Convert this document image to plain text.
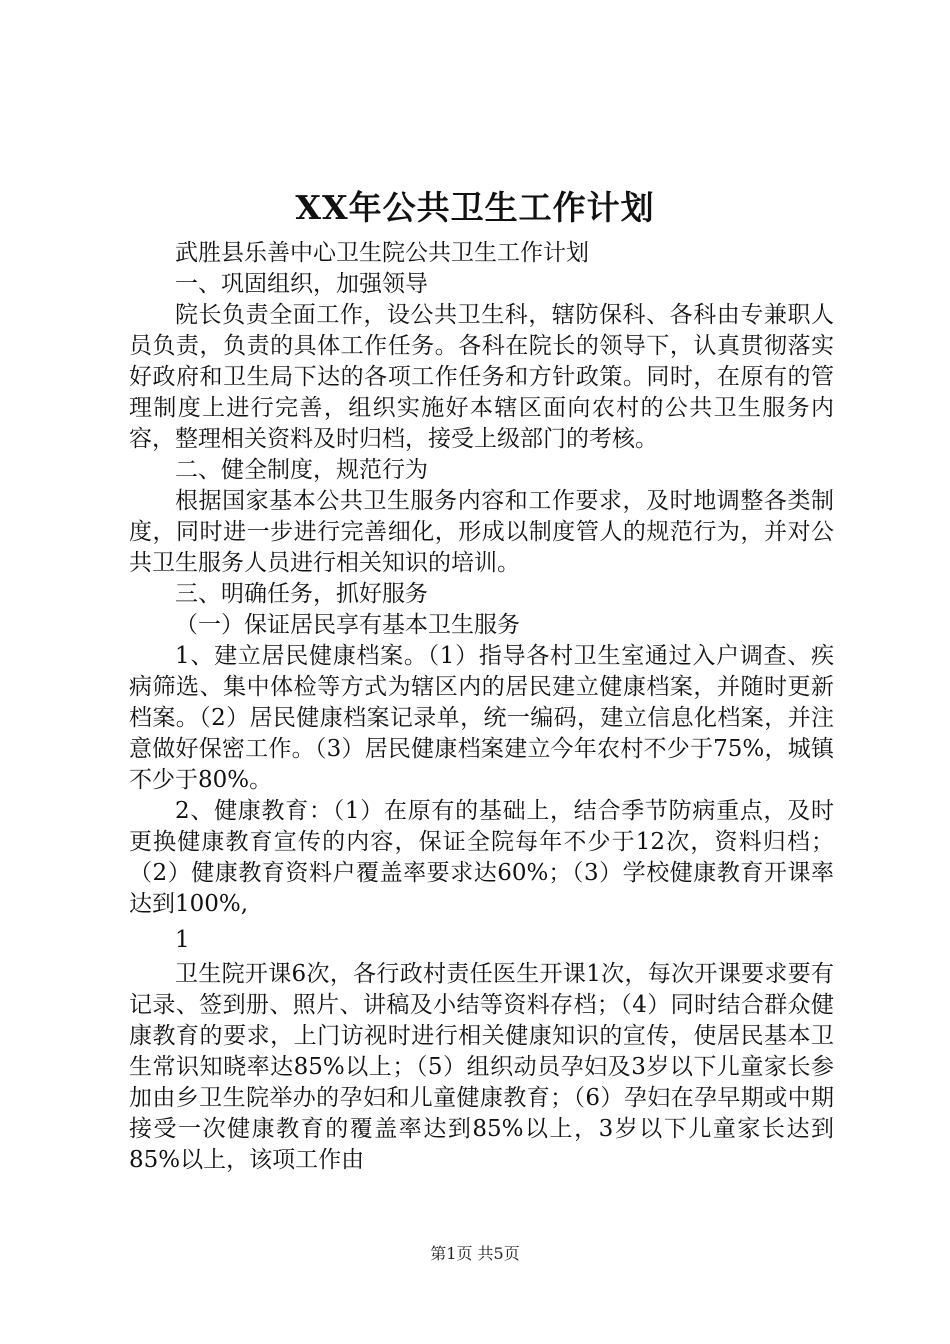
XX年公共卫生工作计划

武胜县乐善中心卫生院公共卫生工作计划

一、巩固组织，加强领导

院长负责全面工作，设公共卫生科，辖防保科、各科由专兼职人员负责，负责的具体工作任务。各科在院长的领导下，认真贯彻落实好政府和卫生局下达的各项工作任务和方针政策。同时，在原有的管理制度上进行完善，组织实施好本辖区面向农村的公共卫生服务内容，整理相关资料及时归档，接受上级部门的考核。

二、健全制度，规范行为

根据国家基本公共卫生服务内容和工作要求，及时地调整各类制度，同时进一步进行完善细化，形成以制度管人的规范行为，并对公共卫生服务人员进行相关知识的培训。

三、明确任务，抓好服务

（一）保证居民享有基本卫生服务

1、建立居民健康档案。（1）指导各村卫生室通过入户调查、疾病筛选、集中体检等方式为辖区内的居民建立健康档案，并随时更新档案。（2）居民健康档案记录单，统一编码，建立信息化档案，并注意做好保密工作。（3）居民健康档案建立今年农村不少于75%，城镇不少于80%。

2、健康教育：（1）在原有的基础上，结合季节防病重点，及时更换健康教育宣传的内容，保证全院每年不少于12次，资料归档；（2）健康教育资料户覆盖率要求达60%；（3）学校健康教育开课率达到100%,

1

卫生院开课6次，各行政村责任医生开课1次，每次开课要求要有记录、签到册、照片、讲稿及小结等资料存档；（4）同时结合群众健康教育的要求，上门访视时进行相关健康知识的宣传，使居民基本卫生常识知晓率达85%以上；（5）组织动员孕妇及3岁以下儿童家长参加由乡卫生院举办的孕妇和儿童健康教育；（6）孕妇在孕早期或中期接受一次健康教育的覆盖率达到85%以上，3岁以下儿童家长达到85%以上，该项工作由

第1页 共5页
